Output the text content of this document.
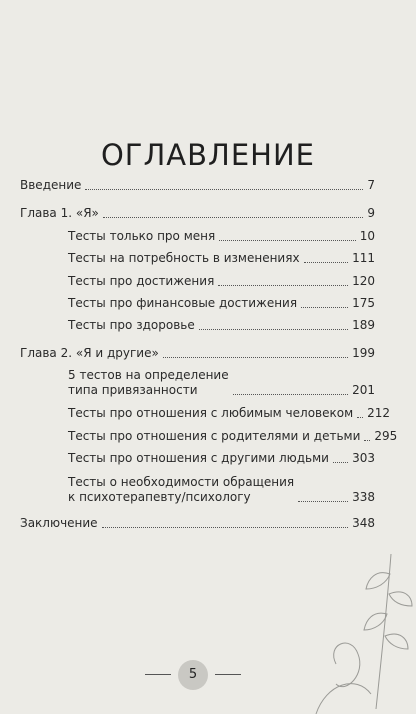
ОГЛАВЛЕНИЕ
Введение	7
Глава 1. «Я»	9
Тесты только про меня	10
Тесты на потребность в изменениях	111
Тесты про достижения	120
Тесты про финансовые достижения	175
Тесты про здоровье	189
Глава 2. «Я и другие»	199
5 тестов на определение
типа привязанности	201
Тесты про отношения с любимым человеком 212
Тесты про отношения с родителями и детьми 295
Тесты про отношения с другими людьми 303
Тесты о необходимости обращения
к психотерапевту/психологу	338
Заключение	348
5
